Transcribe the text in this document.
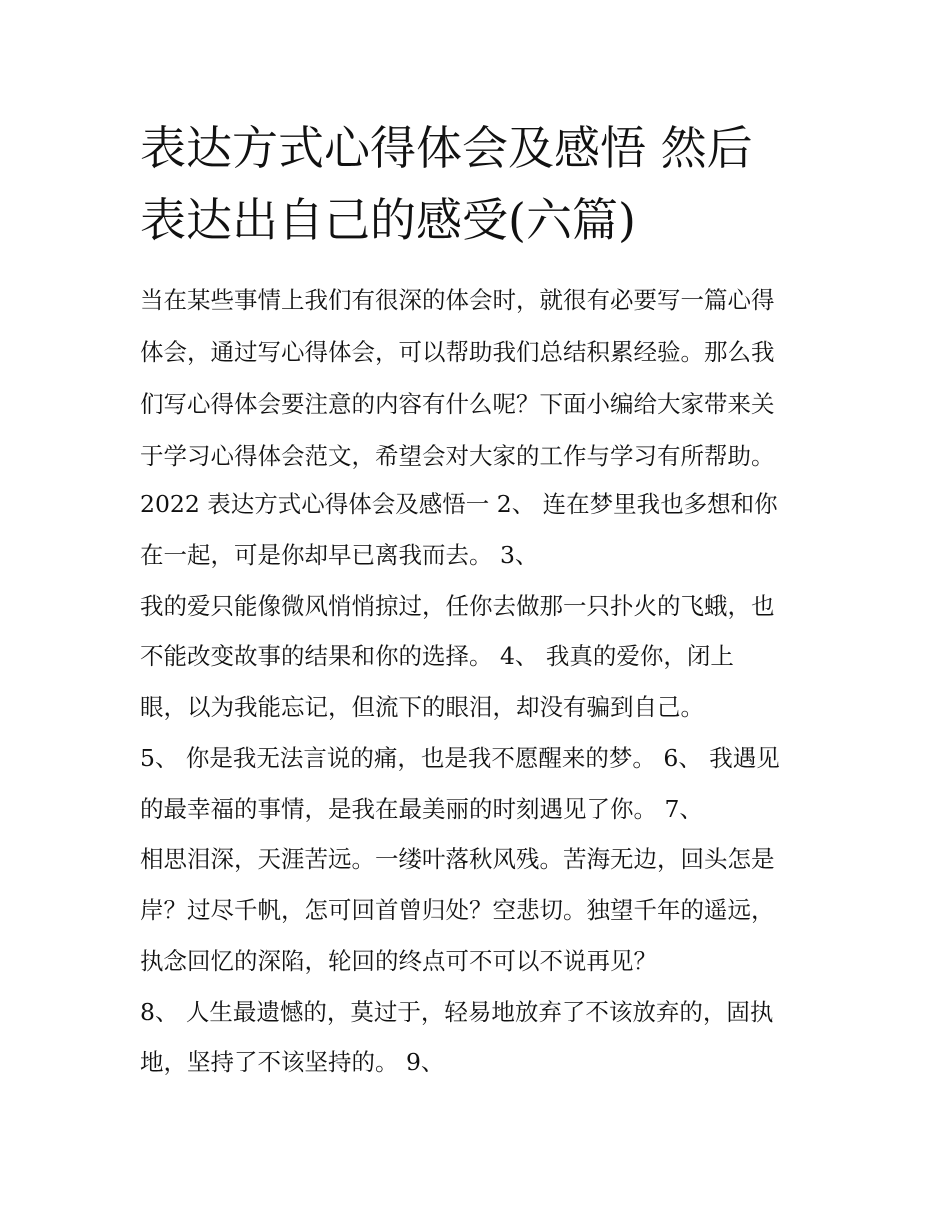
表达方式心得体会及感悟 然后
表达出自己的感受(六篇)
当在某些事情上我们有很深的体会时，就很有必要写一篇心得
体会，通过写心得体会，可以帮助我们总结积累经验。那么我
们写心得体会要注意的内容有什么呢？下面小编给大家带来关
于学习心得体会范文，希望会对大家的工作与学习有所帮助。
2022 表达方式心得体会及感悟一 2、 连在梦里我也多想和你
在一起，可是你却早已离我而去。 3、
我的爱只能像微风悄悄掠过，任你去做那一只扑火的飞蛾，也
不能改变故事的结果和你的选择。 4、 我真的爱你，闭上
眼，以为我能忘记，但流下的眼泪，却没有骗到自己。
5、 你是我无法言说的痛，也是我不愿醒来的梦。 6、 我遇见
的最幸福的事情，是我在最美丽的时刻遇见了你。 7、
相思泪深，天涯苦远。一缕叶落秋风残。苦海无边，回头怎是
岸？过尽千帆，怎可回首曾归处？空悲切。独望千年的遥远，
执念回忆的深陷，轮回的终点可不可以不说再见？
8、 人生最遗憾的，莫过于，轻易地放弃了不该放弃的，固执
地，坚持了不该坚持的。 9、
